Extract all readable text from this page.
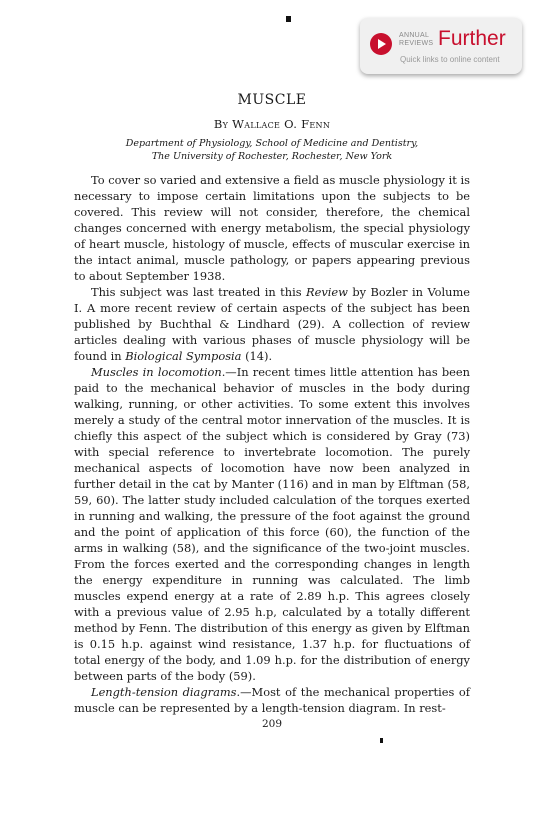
ANNUAL
REVIEWS Further
Quick links to online content
MUSCLE
By Wallace O. Fenn
Department of Physiology, School of Medicine and Dentistry,
The University of Rochester, Rochester, New York

To cover so varied and extensive a field as muscle physiology it is necessary to impose certain limitations upon the subjects to be covered. This review will not consider, therefore, the chemical changes concerned with energy metabolism, the special physiology of heart muscle, histology of muscle, effects of muscular exercise in the intact animal, muscle pathology, or papers appearing previous to about September 1938.

This subject was last treated in this Review by Bozler in Volume I. A more recent review of certain aspects of the subject has been published by Buchthal & Lindhard (29). A collection of review articles dealing with various phases of muscle physiology will be found in Biological Symposia (14).

Muscles in locomotion.—In recent times little attention has been paid to the mechanical behavior of muscles in the body during walking, running, or other activities. To some extent this involves merely a study of the central motor innervation of the muscles. It is chiefly this aspect of the subject which is considered by Gray (73) with special reference to invertebrate locomotion. The purely mechanical aspects of locomotion have now been analyzed in further detail in the cat by Manter (116) and in man by Elftman (58, 59, 60). The latter study included calculation of the torques exerted in running and walking, the pressure of the foot against the ground and the point of application of this force (60), the function of the arms in walking (58), and the significance of the two-joint muscles. From the forces exerted and the corresponding changes in length the energy expenditure in running was calculated. The limb muscles expend energy at a rate of 2.89 h.p. This agrees closely with a previous value of 2.95 h.p, calculated by a totally different method by Fenn. The distribution of this energy as given by Elftman is 0.15 h.p. against wind resistance, 1.37 h.p. for fluctuations of total energy of the body, and 1.09 h.p. for the distribution of energy between parts of the body (59).

Length-tension diagrams.—Most of the mechanical properties of muscle can be represented by a length-tension diagram. In rest-

209
